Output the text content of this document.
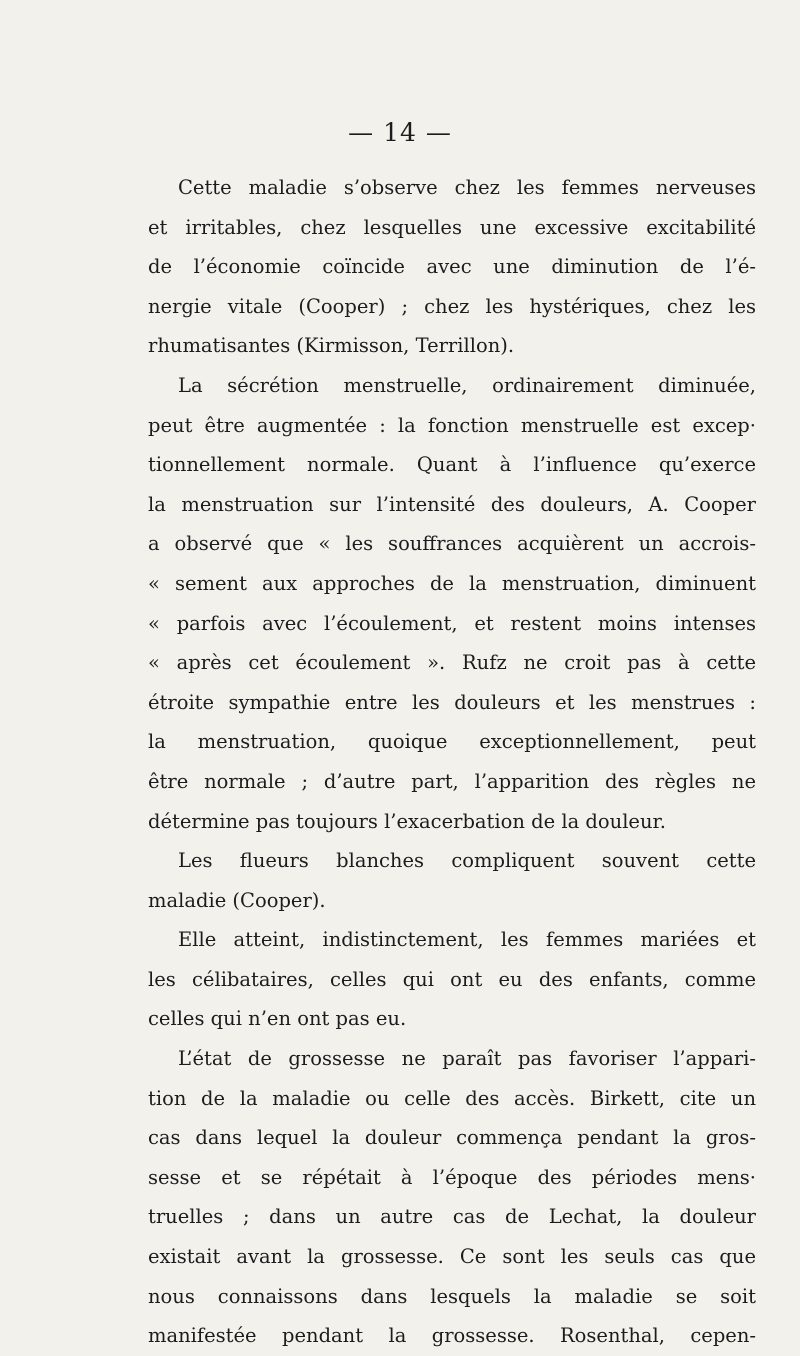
— 14 —
Cette maladie s’observe chez les femmes nerveuses
et irritables, chez lesquelles une excessive excitabilité
de l’économie coïncide avec une diminution de l’é-
nergie vitale (Cooper) ; chez les hystériques, chez les
rhumatisantes (Kirmisson, Terrillon).
La sécrétion menstruelle, ordinairement diminuée,
peut être augmentée : la fonction menstruelle est excep·
tionnellement normale. Quant à l’influence qu’exerce
la menstruation sur l’intensité des douleurs, A. Cooper
a observé que « les souffrances acquièrent un accrois-
« sement aux approches de la menstruation, diminuent
« parfois avec l’écoulement, et restent moins intenses
« après cet écoulement ». Rufz ne croit pas à cette
étroite sympathie entre les douleurs et les menstrues :
la menstruation, quoique exceptionnellement, peut
être normale ; d’autre part, l’apparition des règles ne
détermine pas toujours l’exacerbation de la douleur.
Les flueurs blanches compliquent souvent cette
maladie (Cooper).
Elle atteint, indistinctement, les femmes mariées et
les célibataires, celles qui ont eu des enfants, comme
celles qui n’en ont pas eu.
L’état de grossesse ne paraît pas favoriser l’appari-
tion de la maladie ou celle des accès. Birkett, cite un
cas dans lequel la douleur commença pendant la gros-
sesse et se répétait à l’époque des périodes mens·
truelles ; dans un autre cas de Lechat, la douleur
existait avant la grossesse. Ce sont les seuls cas que
nous connaissons dans lesquels la maladie se soit
manifestée pendant la grossesse. Rosenthal, cepen-
